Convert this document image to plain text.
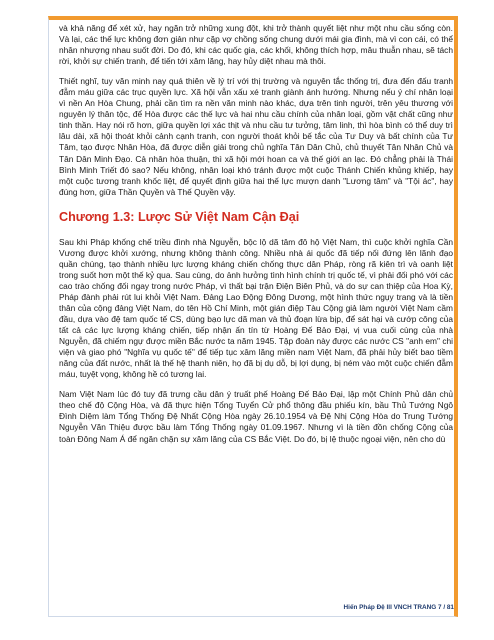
và khả năng để xét xử, hay ngăn trở những xung đột, khi trở thành quyết liệt như một nhu cầu sống còn. Và lại, các thế lực không đơn giản như cặp vợ chồng sống chung dưới mái gia đình, mà vì con cái, có thể nhân nhượng nhau suốt đời. Do đó, khi các quốc gia, các khối, không thích hợp, mâu thuẫn nhau, sẽ tách rời, khởi sự chiến tranh, để tiến tới xâm lăng, hay hủy diệt nhau mà thôi.

Thiết nghĩ, tuy văn minh nay quá thiên về lý trí với thị trường và nguyên tắc thống trị, đưa đến đấu tranh đẫm máu giữa các trục quyền lực. Xã hội vẫn xấu xé tranh giành ánh hướng. Nhưng nếu ý chí nhân loại vì nền An Hòa Chung, phải cần tìm ra nền văn minh nào khác, dựa trên tinh người, trên yêu thương với nguyên lý thân tộc, để Hòa được các thế lực và hai nhu cầu chính của nhân loại, gồm vật chất cũng như tinh thần. Hay nói rõ hơn, giữa quyền lợi xác thịt và nhu cầu tư tưởng, tâm linh, thì hòa bình có thể duy trì lâu dài, xã hội thoát khỏi cảnh cạnh tranh, con người thoát khỏi bế tắc của Tư Duy và bất chính của Tư Tâm, tạo được Nhân Hòa, đã được diễn giải trong chủ nghĩa Tân Dân Chủ, chủ thuyết Tân Nhân Chủ và Tân Dân Minh Đạo. Cả nhân hòa thuận, thì xã hội mới hoan ca và thế giới an lạc. Đó chẳng phải là Thái Bình Minh Triết đó sao? Nếu không, nhân loại khó tránh được một cuộc Thánh Chiến khủng khiếp, hay một cuộc tương tranh khốc liệt, để quyết định giữa hai thế lực mượn danh "Lương tâm" và "Tội ác", hay đúng hơn, giữa Thần Quyền và Thế Quyền vậy.

Chương 1.3: Lược Sử Việt Nam Cận Đại

Sau khi Pháp khống chế triều đình nhà Nguyễn, bộc lộ dã tâm đô hộ Việt Nam, thì cuộc khởi nghĩa Cần Vương được khởi xướng, nhưng không thành công. Nhiều nhà ái quốc đã tiếp nối đứng lên lãnh đạo quần chúng, tạo thành nhiều lực lượng kháng chiến chống thực dân Pháp, ròng rã kiên trì và oanh liệt trong suốt hơn một thế kỷ qua. Sau cùng, do ảnh hưởng tình hình chính trị quốc tế, vì phải đối phó với các cao trào chống đối ngay trong nước Pháp, vì thất bại trận Điện Biên Phủ, và do sự can thiệp của Hoa Kỳ, Pháp đành phải rút lui khỏi Việt Nam. Đảng Lao Động Đông Dương, một hình thức ngụy trang và là tiền thân của cộng đảng Việt Nam, do tên Hồ Chí Minh, một gián điệp Tàu Cộng giả làm người Việt Nam cầm đầu, dựa vào đệ tam quốc tế CS, dùng bạo lực dã man và thủ đoạn lừa bịp, để sát hại và cướp công của tất cả các lực lượng kháng chiến, tiếp nhận ấn tín từ Hoàng Đế Bảo Đại, vị vua cuối cùng của nhà Nguyễn, đã chiếm ngự được miền Bắc nước ta năm 1945. Tập đoàn này được các nước CS "anh em" chi viện và giao phó "Nghĩa vụ quốc tế" để tiếp tục xâm lăng miền nam Việt Nam, đã phải hủy biết bao tiềm năng của đất nước, nhất là thế hệ thanh niên, họ đã bị dụ dỗ, bị lợi dụng, bị ném vào một cuộc chiến đẫm máu, tuyệt vọng, không hề có tương lai.

Nam Việt Nam lúc đó tuy đã trưng cầu dân ý truất phế Hoàng Đế Bảo Đại, lập một Chính Phủ dân chủ theo chế độ Cộng Hòa, và đã thực hiện Tổng Tuyển Cử phổ thông đầu phiếu kín, bầu Thủ Tướng Ngô Đình Diệm làm Tổng Thống Đệ Nhất Cộng Hòa ngày 26.10.1954 và Đệ Nhị Cộng Hòa do Trung Tướng Nguyễn Văn Thiệu được bầu làm Tổng Thống ngày 01.09.1967. Nhưng vì là tiền đồn chống Cộng của toàn Đông Nam Á để ngăn chặn sự xâm lăng của CS Bắc Việt. Do đó, bị lệ thuộc ngoại viện, nên cho dù

Hiến Pháp Đệ III VNCH TRANG 7 / 81
